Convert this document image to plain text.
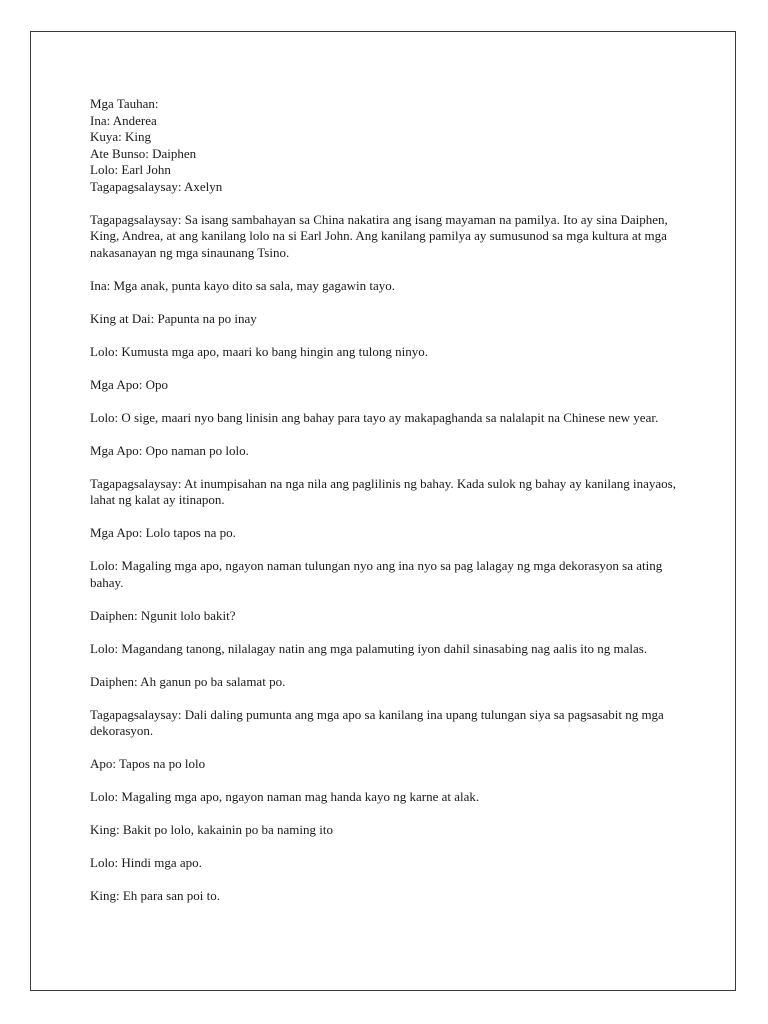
Mga Tauhan:
Ina: Anderea
Kuya: King
Ate Bunso: Daiphen
Lolo: Earl John
Tagapagsalaysay: Axelyn

Tagapagsalaysay: Sa isang sambahayan sa China nakatira ang isang mayaman na pamilya. Ito ay sina Daiphen, King, Andrea, at ang kanilang lolo na si Earl John. Ang kanilang pamilya ay sumusunod sa mga kultura at mga nakasanayan ng mga sinaunang Tsino.

Ina: Mga anak, punta kayo dito sa sala, may gagawin tayo.

King at Dai: Papunta na po inay

Lolo: Kumusta mga apo, maari ko bang hingin ang tulong ninyo.

Mga Apo: Opo

Lolo: O sige, maari nyo bang linisin ang bahay para tayo ay makapaghanda sa nalalapit na Chinese new year.

Mga Apo: Opo naman po lolo.

Tagapagsalaysay: At inumpisahan na nga nila ang paglilinis ng bahay. Kada sulok ng bahay ay kanilang inayaos, lahat ng kalat ay itinapon.

Mga Apo: Lolo tapos na po.

Lolo: Magaling mga apo, ngayon naman tulungan nyo ang ina nyo sa pag lalagay ng mga dekorasyon sa ating bahay.

Daiphen: Ngunit lolo bakit?

Lolo: Magandang tanong, nilalagay natin ang mga palamuting iyon dahil sinasabing nag aalis ito ng malas.

Daiphen: Ah ganun po ba salamat po.

Tagapagsalaysay: Dali daling pumunta ang mga apo sa kanilang ina upang tulungan siya sa pagsasabit ng mga dekorasyon.

Apo: Tapos na po lolo

Lolo: Magaling mga apo, ngayon naman mag handa kayo ng karne at alak.

King: Bakit po lolo, kakainin po ba naming ito

Lolo: Hindi mga apo.

King: Eh para san poi to.
